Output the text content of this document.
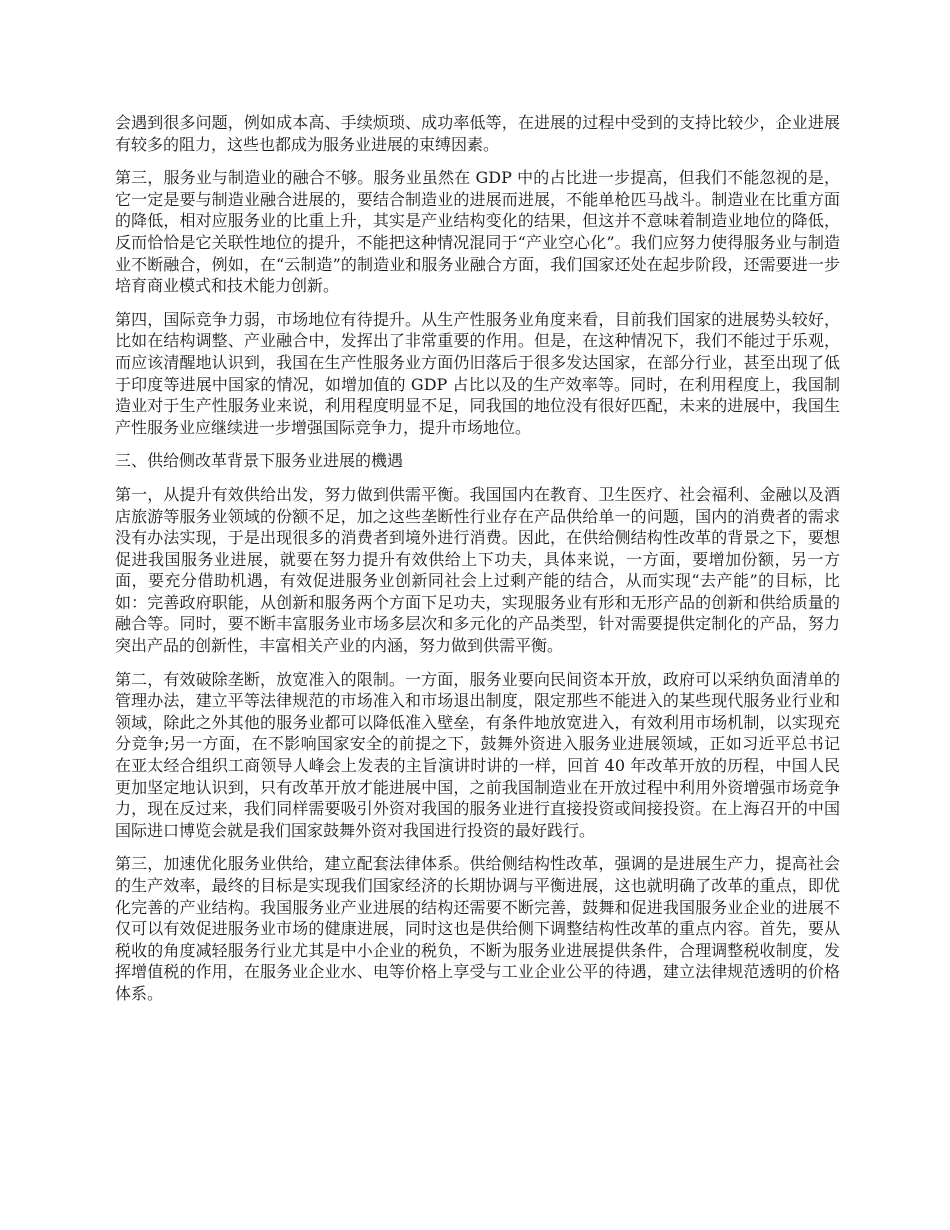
会遇到很多问题，例如成本高、手续烦琐、成功率低等，在进展的过程中受到的支持比较少，企业进展有较多的阻力，这些也都成为服务业进展的束缚因素。

第三，服务业与制造业的融合不够。服务业虽然在 GDP 中的占比进一步提高，但我们不能忽视的是，它一定是要与制造业融合进展的，要结合制造业的进展而进展，不能单枪匹马战斗。制造业在比重方面的降低，相对应服务业的比重上升，其实是产业结构变化的结果，但这并不意味着制造业地位的降低，反而恰恰是它关联性地位的提升，不能把这种情况混同于“产业空心化”。我们应努力使得服务业与制造业不断融合，例如，在“云制造”的制造业和服务业融合方面，我们国家还处在起步阶段，还需要进一步培育商业模式和技术能力创新。

第四，国际竞争力弱，市场地位有待提升。从生产性服务业角度来看，目前我们国家的进展势头较好，比如在结构调整、产业融合中，发挥出了非常重要的作用。但是，在这种情况下，我们不能过于乐观，而应该清醒地认识到，我国在生产性服务业方面仍旧落后于很多发达国家，在部分行业，甚至出现了低于印度等进展中国家的情况，如增加值的 GDP 占比以及的生产效率等。同时，在利用程度上，我国制造业对于生产性服务业来说，利用程度明显不足，同我国的地位没有很好匹配，未来的进展中，我国生产性服务业应继续进一步增强国际竞争力，提升市场地位。

三、供给侧改革背景下服务业进展的機遇

第一，从提升有效供给出发，努力做到供需平衡。我国国内在教育、卫生医疗、社会福利、金融以及酒店旅游等服务业领域的份额不足，加之这些垄断性行业存在产品供给单一的问题，国内的消费者的需求没有办法实现，于是出现很多的消费者到境外进行消费。因此，在供给侧结构性改革的背景之下，要想促进我国服务业进展，就要在努力提升有效供给上下功夫，具体来说，一方面，要增加份额，另一方面，要充分借助机遇，有效促进服务业创新同社会上过剩产能的结合，从而实现“去产能”的目标，比如：完善政府职能，从创新和服务两个方面下足功夫，实现服务业有形和无形产品的创新和供给质量的融合等。同时，要不断丰富服务业市场多层次和多元化的产品类型，针对需要提供定制化的产品，努力突出产品的创新性，丰富相关产业的内涵，努力做到供需平衡。

第二，有效破除垄断，放宽准入的限制。一方面，服务业要向民间资本开放，政府可以采纳负面清单的管理办法，建立平等法律规范的市场准入和市场退出制度，限定那些不能进入的某些现代服务业行业和领域，除此之外其他的服务业都可以降低准入壁垒，有条件地放宽进入，有效利用市场机制，以实现充分竞争;另一方面，在不影响国家安全的前提之下，鼓舞外资进入服务业进展领域，正如习近平总书记在亚太经合组织工商领导人峰会上发表的主旨演讲时讲的一样，回首 40 年改革开放的历程，中国人民更加坚定地认识到，只有改革开放才能进展中国，之前我国制造业在开放过程中利用外资增强市场竞争力，现在反过来，我们同样需要吸引外资对我国的服务业进行直接投资或间接投资。在上海召开的中国国际进口博览会就是我们国家鼓舞外资对我国进行投资的最好践行。

第三，加速优化服务业供给，建立配套法律体系。供给侧结构性改革，强调的是进展生产力，提高社会的生产效率，最终的目标是实现我们国家经济的长期协调与平衡进展，这也就明确了改革的重点，即优化完善的产业结构。我国服务业产业进展的结构还需要不断完善，鼓舞和促进我国服务业企业的进展不仅可以有效促进服务业市场的健康进展，同时这也是供给侧下调整结构性改革的重点内容。首先，要从税收的角度减轻服务行业尤其是中小企业的税负，不断为服务业进展提供条件，合理调整税收制度，发挥增值税的作用，在服务业企业水、电等价格上享受与工业企业公平的待遇，建立法律规范透明的价格体系。
